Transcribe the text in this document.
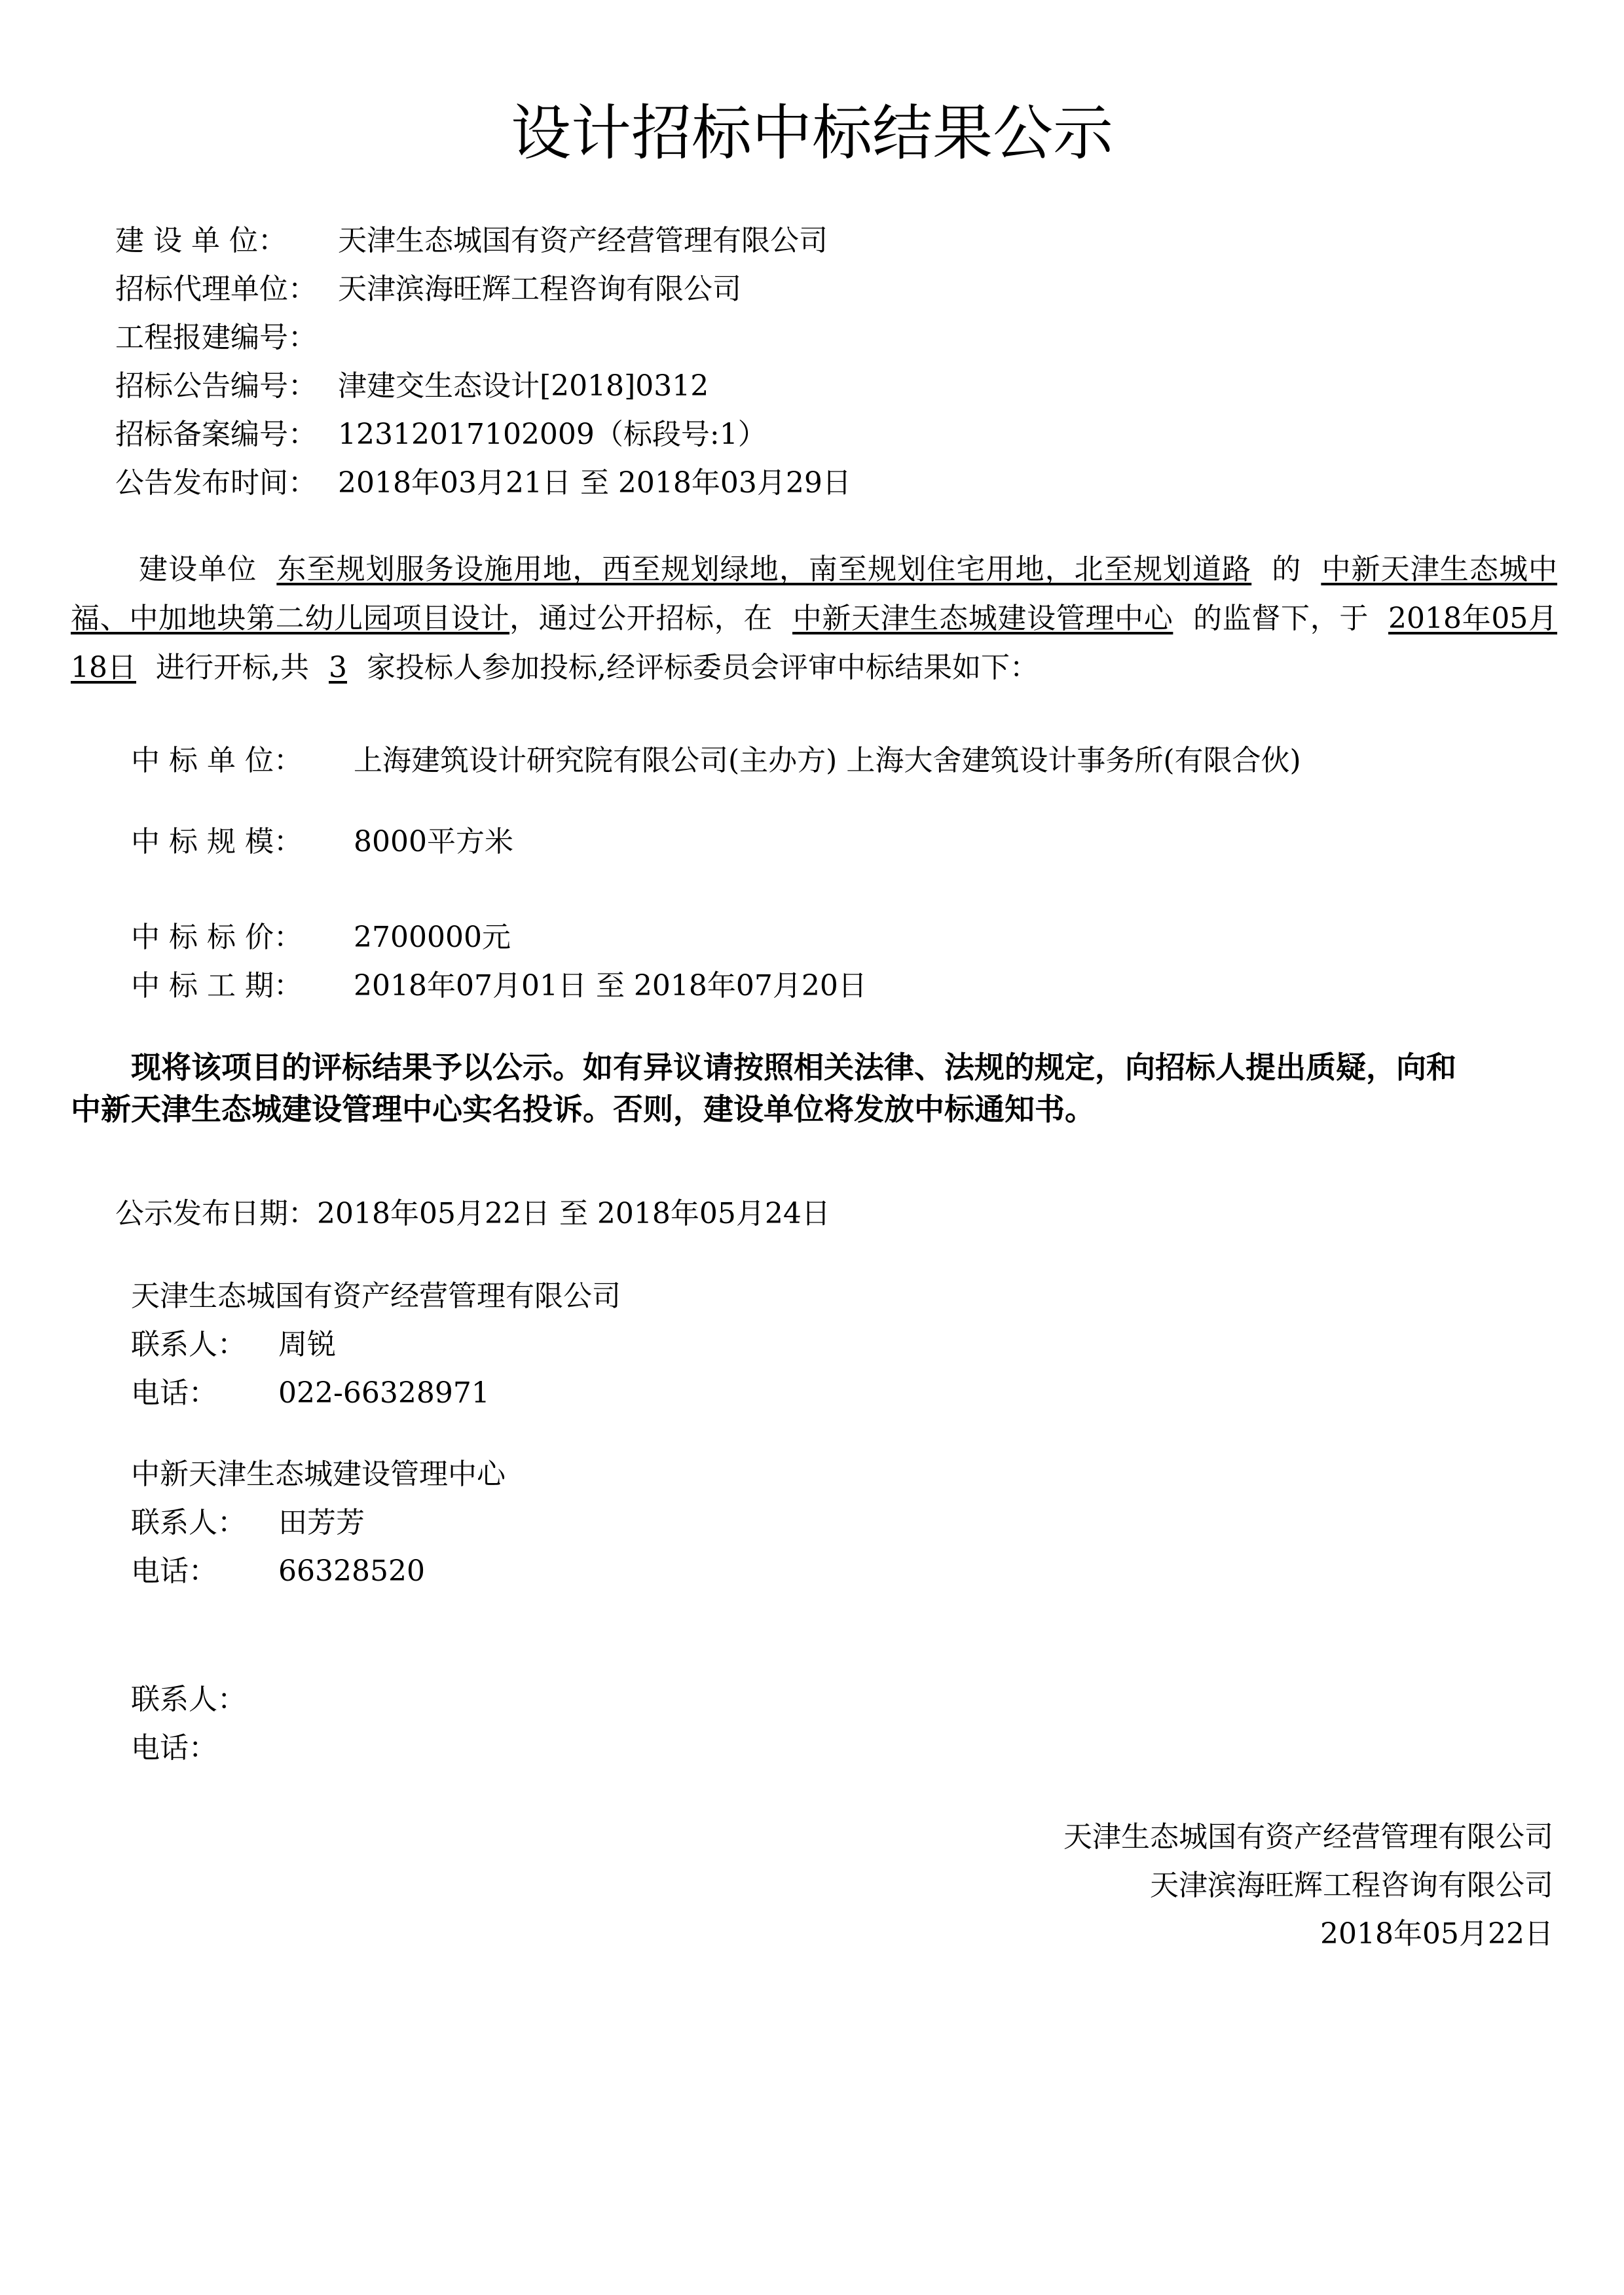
设计招标中标结果公示
建 设 单 位： 天津生态城国有资产经营管理有限公司
招标代理单位： 天津滨海旺辉工程咨询有限公司
工程报建编号：
招标公告编号： 津建交生态设计[2018]0312
招标备案编号： 12312017102009（标段号:1）
公告发布时间： 2018年03月21日 至 2018年03月29日
建设单位 东至规划服务设施用地，西至规划绿地，南至规划住宅用地，北至规划道路 的 中新天津生态城中福、中加地块第二幼儿园项目设计，通过公开招标，在 中新天津生态城建设管理中心 的监督下，于 2018年05月18日 进行开标,共 3 家投标人参加投标,经评标委员会评审中标结果如下：
中 标 单 位： 上海建筑设计研究院有限公司(主办方) 上海大舍建筑设计事务所(有限合伙)
中 标 规 模： 8000平方米
中 标 标 价： 2700000元
中 标 工 期： 2018年07月01日 至 2018年07月20日
现将该项目的评标结果予以公示。如有异议请按照相关法律、法规的规定，向招标人提出质疑，向和中新天津生态城建设管理中心实名投诉。否则，建设单位将发放中标通知书。
公示发布日期：2018年05月22日 至 2018年05月24日
天津生态城国有资产经营管理有限公司
联系人： 周锐
电话： 022-66328971
中新天津生态城建设管理中心
联系人： 田芳芳
电话： 66328520
联系人：
电话：
天津生态城国有资产经营管理有限公司
天津滨海旺辉工程咨询有限公司
2018年05月22日
